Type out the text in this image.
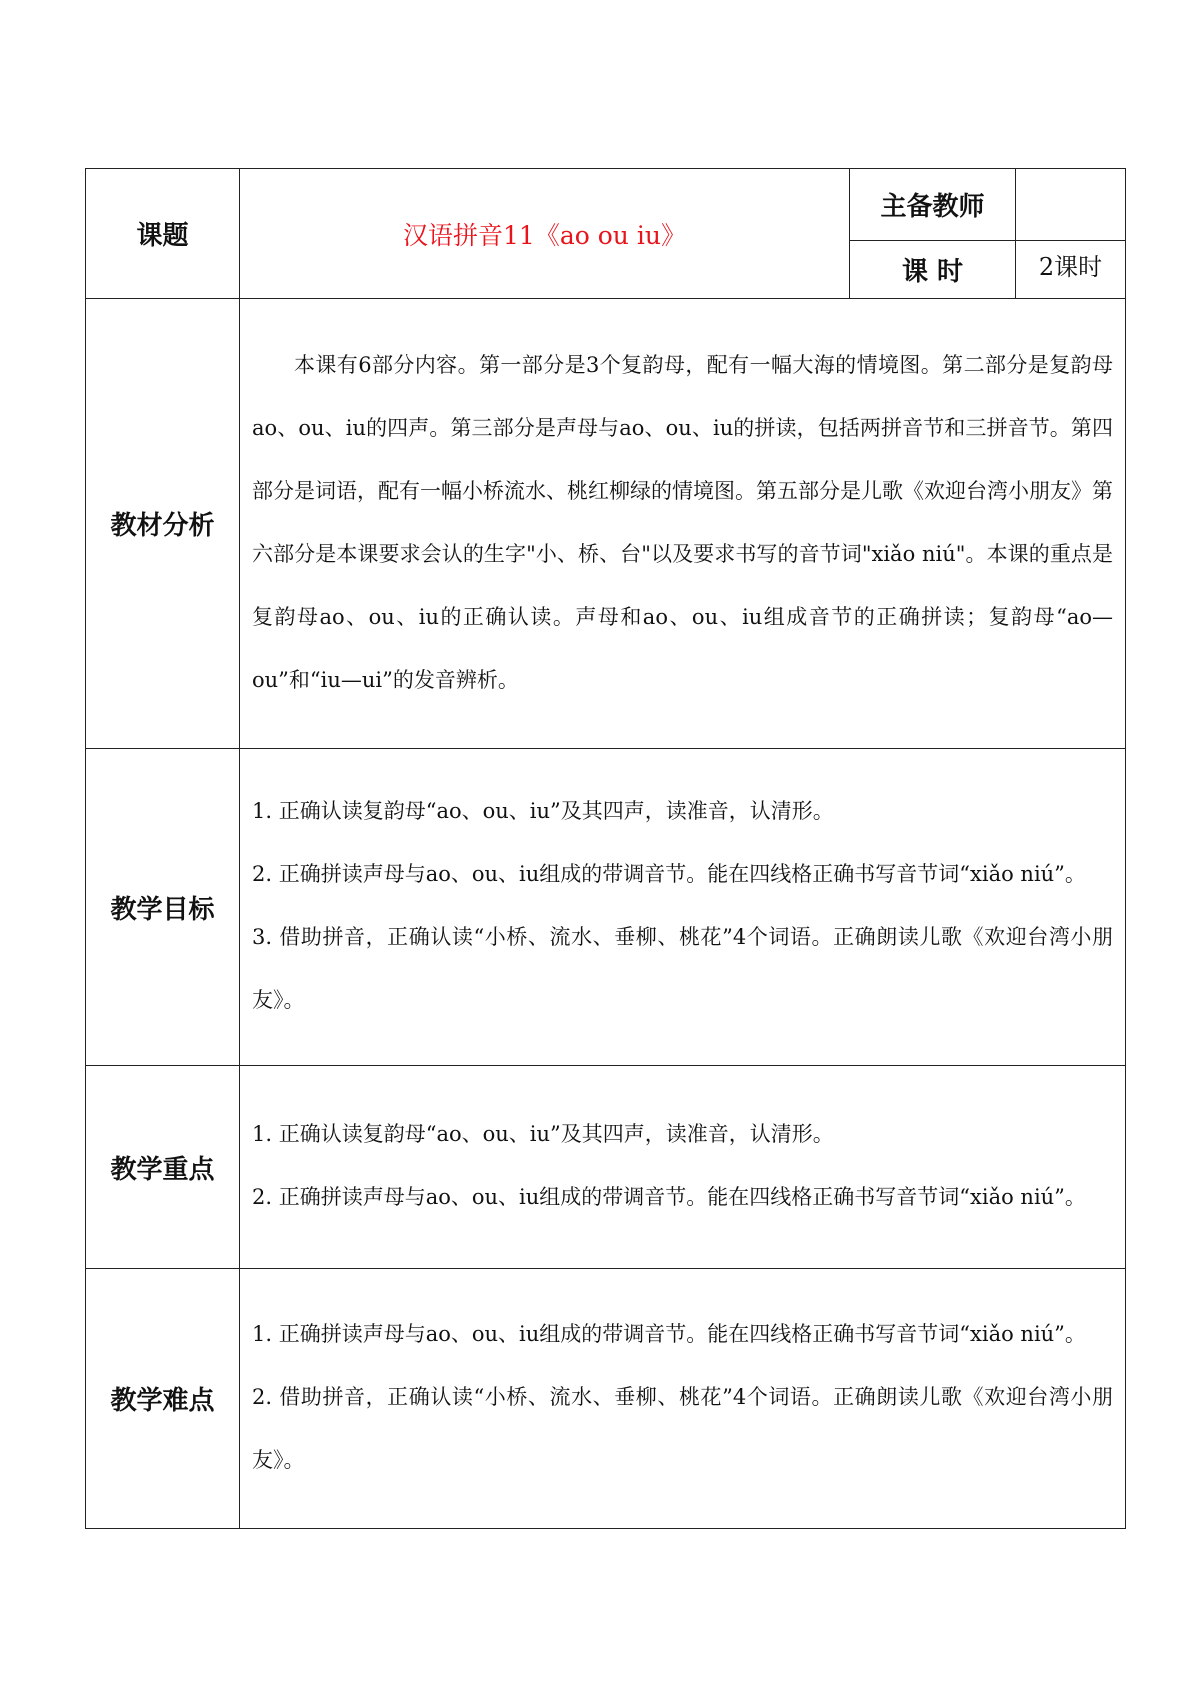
课题	汉语拼音11《ao ou iu》	主备教师	
		课 时	2课时
教材分析	本课有6部分内容。第一部分是3个复韵母，配有一幅大海的情境图。第二部分是复韵母ao、ou、iu的四声。第三部分是声母与ao、ou、iu的拼读，包括两拼音节和三拼音节。第四部分是词语，配有一幅小桥流水、桃红柳绿的情境图。第五部分是儿歌《欢迎台湾小朋友》第六部分是本课要求会认的生字"小、桥、台"以及要求书写的音节词"xiǎo niú"。本课的重点是复韵母ao、ou、iu的正确认读。声母和ao、ou、iu组成音节的正确拼读；复韵母“ao—ou”和“iu—ui”的发音辨析。		

教学目标	1. 正确认读复韵母“ao、ou、iu”及其四声，读准音，认清形。

2. 正确拼读声母与ao、ou、iu组成的带调音节。能在四线格正确书写音节词“xiǎo niú”。

3. 借助拼音，正确认读“小桥、流水、垂柳、桃花”4个词语。正确朗读儿歌《欢迎台湾小朋友》。		

教学重点	1. 正确认读复韵母“ao、ou、iu”及其四声，读准音，认清形。

2. 正确拼读声母与ao、ou、iu组成的带调音节。能在四线格正确书写音节词“xiǎo niú”。		

教学难点	1. 正确拼读声母与ao、ou、iu组成的带调音节。能在四线格正确书写音节词“xiǎo niú”。

2. 借助拼音，正确认读“小桥、流水、垂柳、桃花”4个词语。正确朗读儿歌《欢迎台湾小朋友》。		
